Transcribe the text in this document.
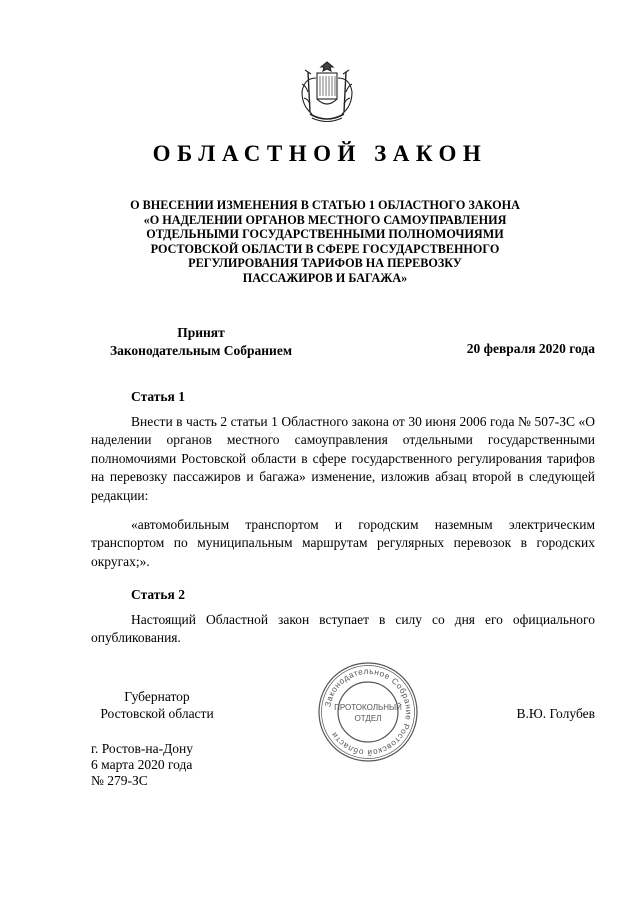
ОБЛАСТНОЙ ЗАКОН
О ВНЕСЕНИИ ИЗМЕНЕНИЯ В СТАТЬЮ 1 ОБЛАСТНОГО ЗАКОНА
«О НАДЕЛЕНИИ ОРГАНОВ МЕСТНОГО САМОУПРАВЛЕНИЯ
ОТДЕЛЬНЫМИ ГОСУДАРСТВЕННЫМИ ПОЛНОМОЧИЯМИ
РОСТОВСКОЙ ОБЛАСТИ В СФЕРЕ ГОСУДАРСТВЕННОГО
РЕГУЛИРОВАНИЯ ТАРИФОВ НА ПЕРЕВОЗКУ
ПАССАЖИРОВ И БАГАЖА»
Принят
Законодательным Собранием	20 февраля 2020 года
Статья 1
Внести в часть 2 статьи 1 Областного закона от 30 июня 2006 года № 507-ЗС «О наделении органов местного самоуправления отдельными государственными полномочиями Ростовской области в сфере государственного регулирования тарифов на перевозку пассажиров и багажа» изменение, изложив абзац второй в следующей редакции:
«автомобильным транспортом и городским наземным электрическим транспортом по муниципальным маршрутам регулярных перевозок в городских округах;».
Статья 2
Настоящий Областной закон вступает в силу со дня его официального опубликования.
Губернатор
Ростовской области
Законодательное Собрание Ростовской области
ПРОТОКОЛЬНЫЙ
ОТДЕЛ	В.Ю. Голубев
г. Ростов-на-Дону
6 марта 2020 года
№ 279-ЗС
